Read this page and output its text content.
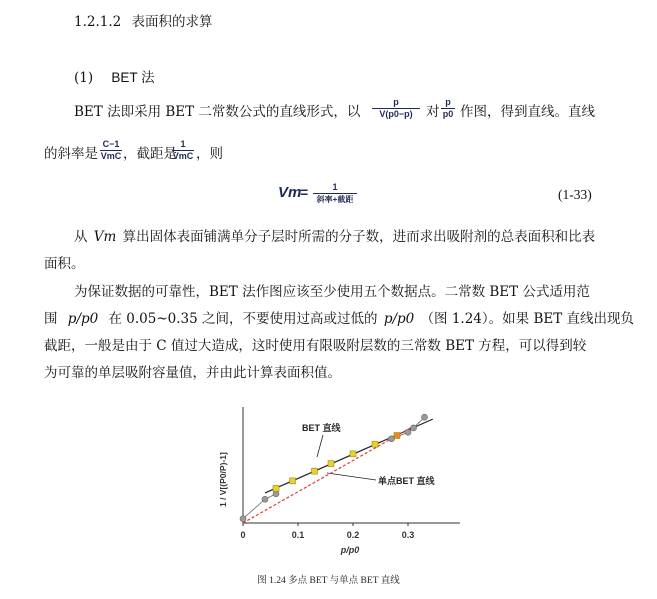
1.2.1.2 表面积的求算
(1) BET 法
BET 法即采用 BET 二常数公式的直线形式，以 $\frac{p}{V(p0-p)}$ 对 $\frac{p}{p0}$ 作图，得到直线。直线
的斜率是
C−1
VmC ，截距是
1
VmC ，则
Vm
=	1
斜率+截距	(1-33)
从 Vm 算出固体表面铺满单分子层时所需的分子数，进而求出吸附剂的总表面积和比表
面积。
为保证数据的可靠性，BET 法作图应该至少使用五个数据点。二常数 BET 公式适用范
围 p/p0 在 0.05~0.35 之间，不要使用过高或过低的 p/p0 （图 1.24）。如果 BET 直线出现负
截距，一般是由于 C 值过大造成，这时使用有限吸附层数的三常数 BET 方程，可以得到较
为可靠的单层吸附容量值，并由此计算表面积值。
1 / V[(P0/P)-1]
p/p0
BET 直线
单点BET 直线
0	0.1	0.2	0.3
图 1.24 多点 BET 与单点 BET 直线
